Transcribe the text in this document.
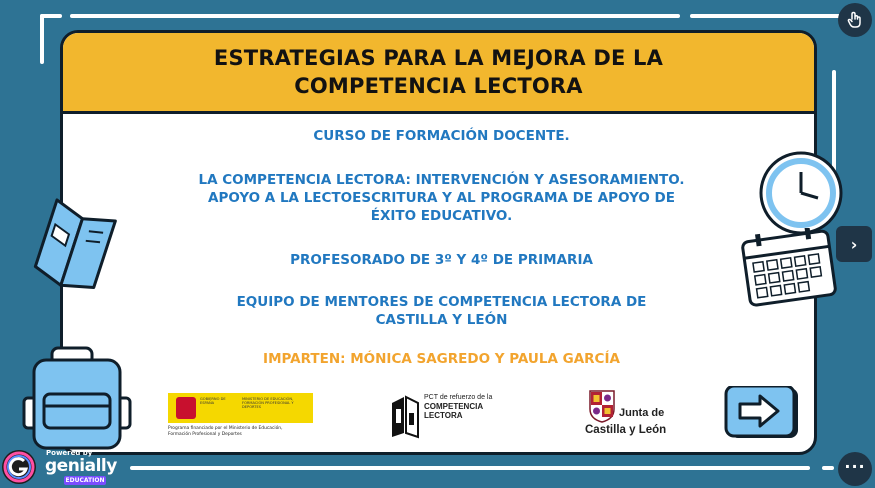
ESTRATEGIAS PARA LA MEJORA DE LA
COMPETENCIA LECTORA
CURSO DE FORMACIÓN DOCENTE.
LA COMPETENCIA LECTORA: INTERVENCIÓN Y ASESORAMIENTO.
APOYO A LA LECTOESCRITURA Y AL PROGRAMA DE APOYO DE
ÉXITO EDUCATIVO.
PROFESORADO DE 3º Y 4º DE PRIMARIA
EQUIPO DE MENTORES DE COMPETENCIA LECTORA DE
CASTILLA Y LEÓN
IMPARTEN: MÓNICA SAGREDO Y PAULA GARCÍA
GOBIERNO DE ESPAÑA
MINISTERIO DE EDUCACIÓN, FORMACIÓN PROFESIONAL Y DEPORTES
Programa financiado por el Ministerio de Educación,
Formación Profesional y Deportes
PCT de refuerzo de la
COMPETENCIA
LECTORA	Junta de
Castilla y León
›
···
Powered by
genially
EDUCATION
